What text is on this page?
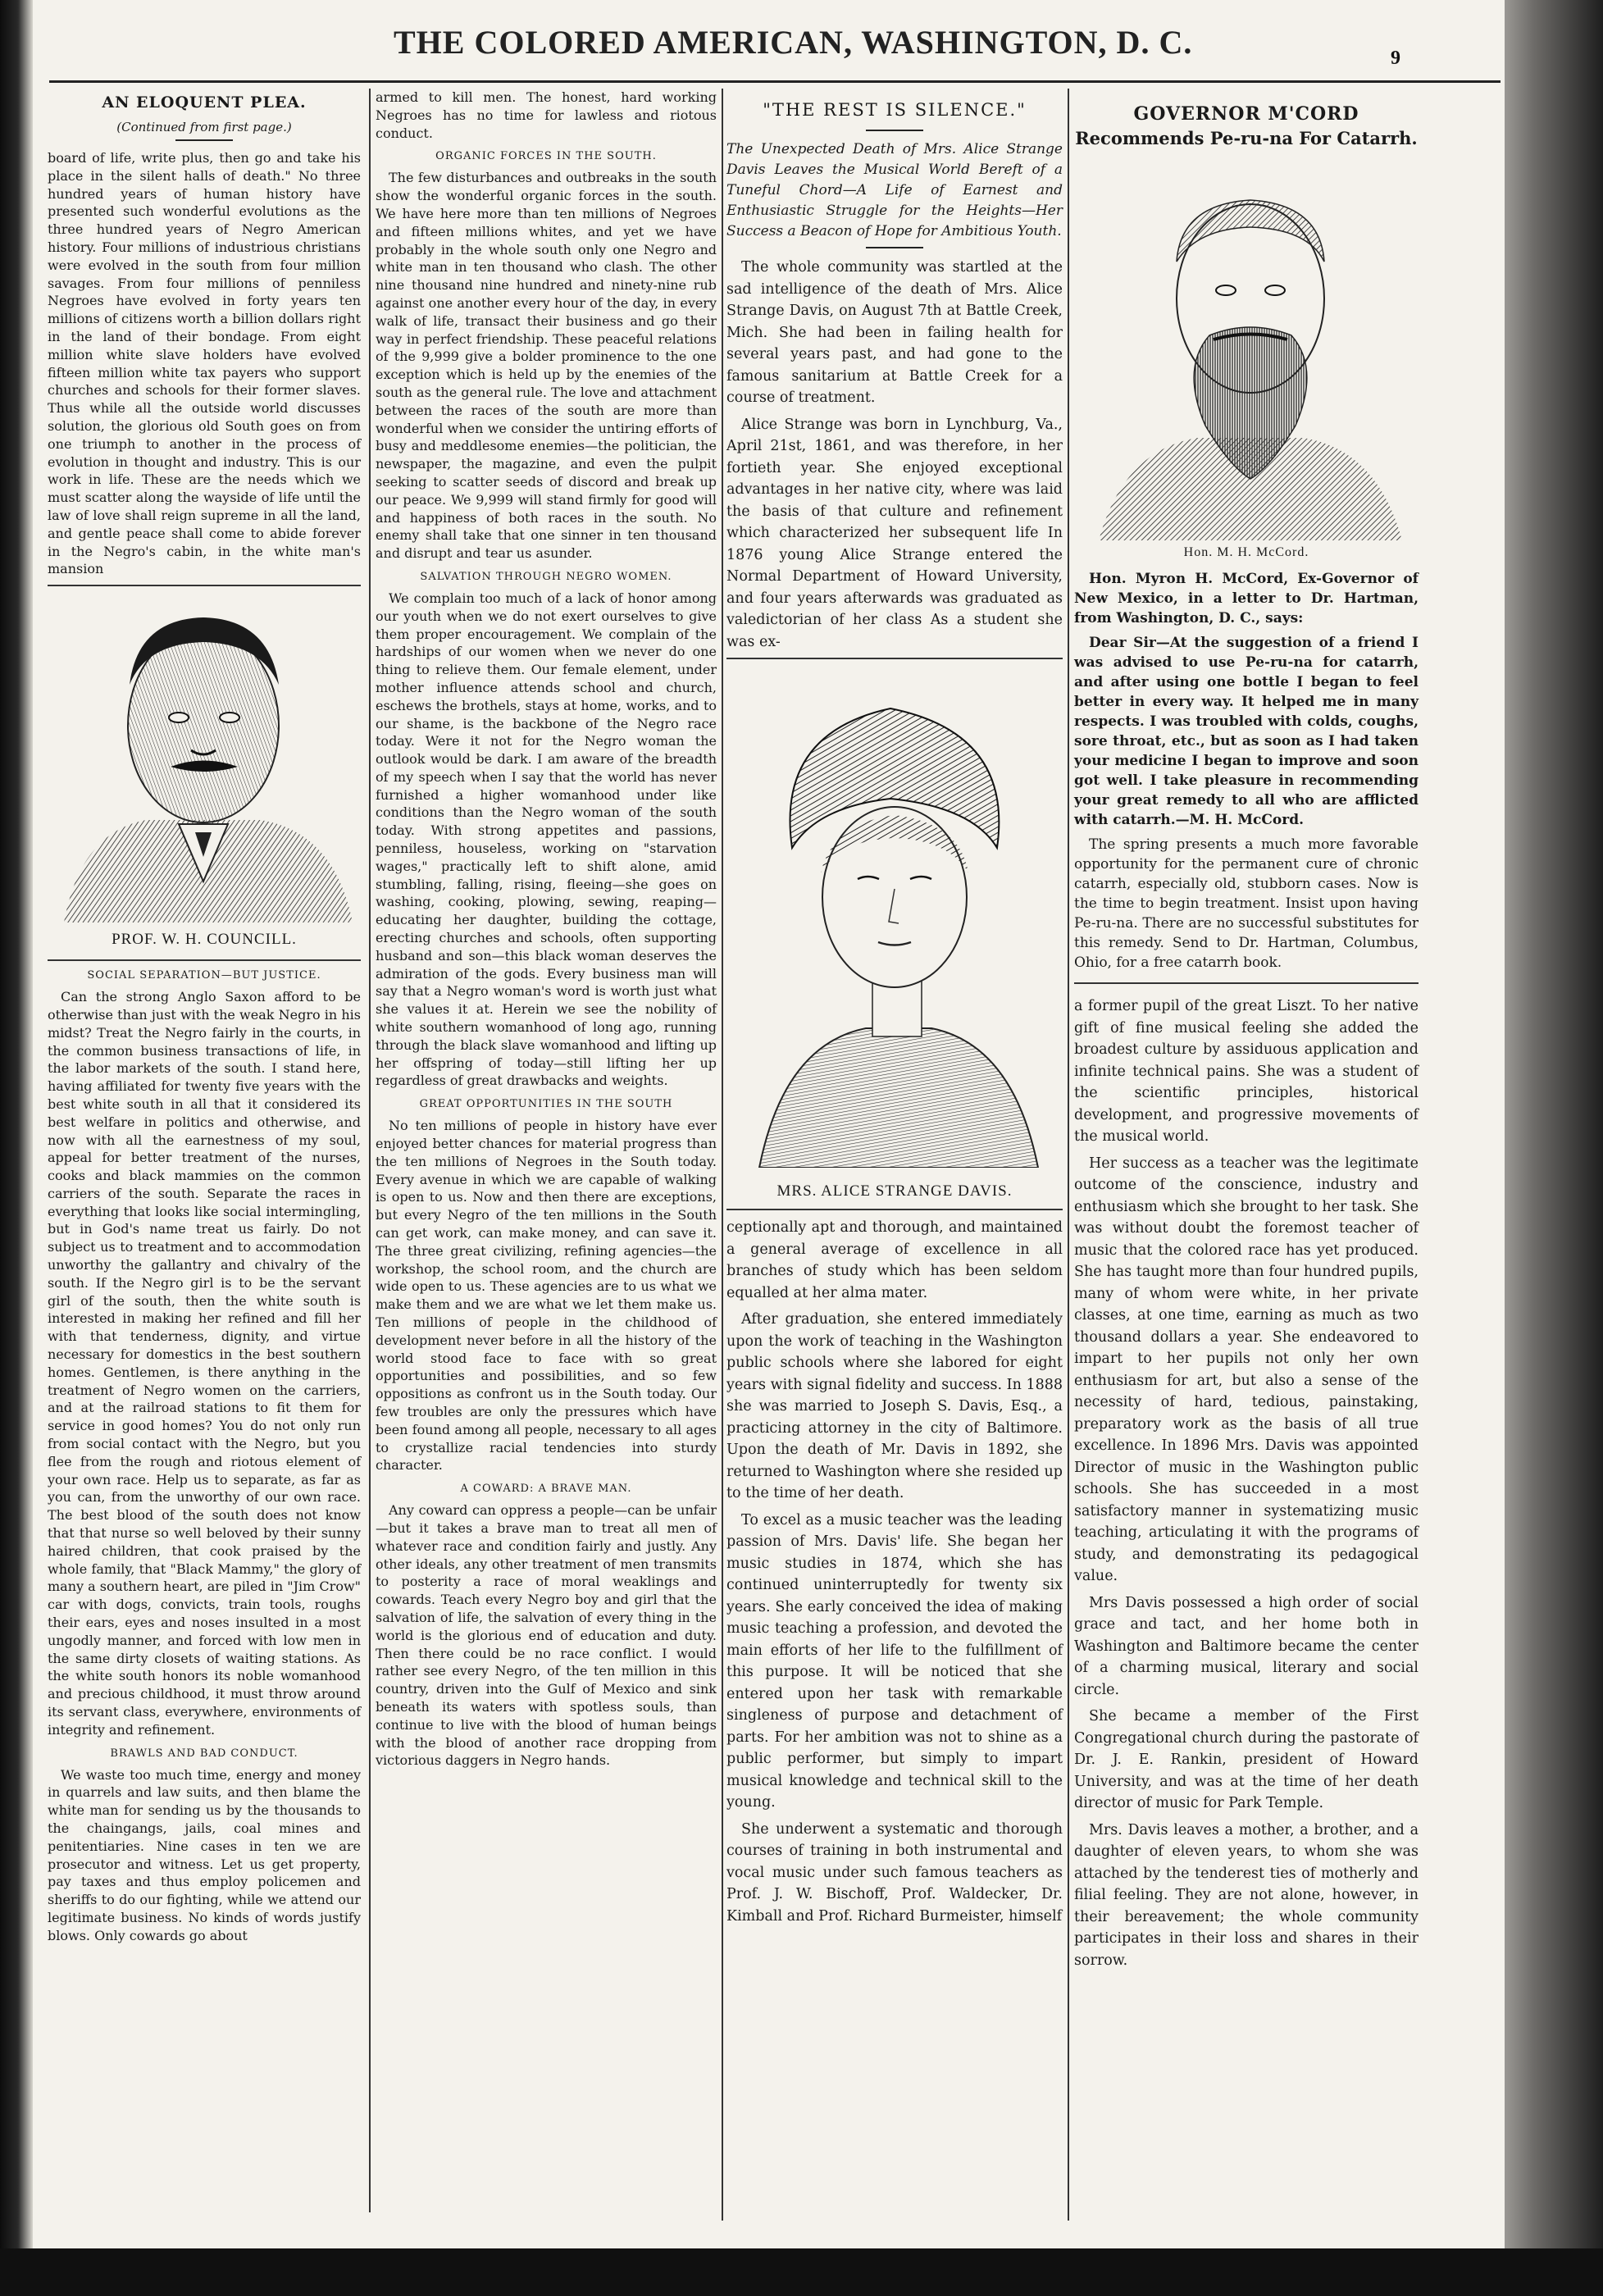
THE COLORED AMERICAN, WASHINGTON, D. C.	9
AN ELOQUENT PLEA.
(Continued from first page.)

board of life, write plus, then go and take his place in the silent halls of death." No three hundred years of human history have presented such wonderful evolutions as the three hundred years of Negro American history. Four millions of industrious christians were evolved in the south from four million savages. From four millions of penniless Negroes have evolved in forty years ten millions of citizens worth a billion dollars right in the land of their bondage. From eight million white slave holders have evolved fifteen million white tax payers who support churches and schools for their former slaves. Thus while all the outside world discusses solution, the glorious old South goes on from one triumph to another in the process of evolution in thought and industry. This is our work in life. These are the needs which we must scatter along the wayside of life until the law of love shall reign supreme in all the land, and gentle peace shall come to abide forever in the Negro's cabin, in the white man's mansion

PROF. W. H. COUNCILL.
SOCIAL SEPARATION—BUT JUSTICE.

Can the strong Anglo Saxon afford to be otherwise than just with the weak Negro in his midst? Treat the Negro fairly in the courts, in the common business transactions of life, in the labor markets of the south. I stand here, having affiliated for twenty five years with the best white south in all that it considered its best welfare in politics and otherwise, and now with all the earnestness of my soul, appeal for better treatment of the nurses, cooks and black mammies on the common carriers of the south. Separate the races in everything that looks like social intermingling, but in God's name treat us fairly. Do not subject us to treatment and to accommodation unworthy the gallantry and chivalry of the south. If the Negro girl is to be the servant girl of the south, then the white south is interested in making her refined and fill her with that tenderness, dignity, and virtue necessary for domestics in the best southern homes. Gentlemen, is there anything in the treatment of Negro women on the carriers, and at the railroad stations to fit them for service in good homes? You do not only run from social contact with the Negro, but you flee from the rough and riotous element of your own race. Help us to separate, as far as you can, from the unworthy of our own race. The best blood of the south does not know that that nurse so well beloved by their sunny haired children, that cook praised by the whole family, that "Black Mammy," the glory of many a southern heart, are piled in "Jim Crow" car with dogs, convicts, train tools, roughs their ears, eyes and noses insulted in a most ungodly manner, and forced with low men in the same dirty closets of waiting stations. As the white south honors its noble womanhood and precious childhood, it must throw around its servant class, everywhere, environments of integrity and refinement.

BRAWLS AND BAD CONDUCT.

We waste too much time, energy and money in quarrels and law suits, and then blame the white man for sending us by the thousands to the chaingangs, jails, coal mines and penitentiaries. Nine cases in ten we are prosecutor and witness. Let us get property, pay taxes and thus employ policemen and sheriffs to do our fighting, while we attend our legitimate business. No kinds of words justify blows. Only cowards go about

armed to kill men. The honest, hard working Negroes has no time for lawless and riotous conduct.

ORGANIC FORCES IN THE SOUTH.

The few disturbances and outbreaks in the south show the wonderful organic forces in the south. We have here more than ten millions of Negroes and fifteen millions whites, and yet we have probably in the whole south only one Negro and white man in ten thousand who clash. The other nine thousand nine hundred and ninety-nine rub against one another every hour of the day, in every walk of life, transact their business and go their way in perfect friendship. These peaceful relations of the 9,999 give a bolder prominence to the one exception which is held up by the enemies of the south as the general rule. The love and attachment between the races of the south are more than wonderful when we consider the untiring efforts of busy and meddlesome enemies—the politician, the newspaper, the magazine, and even the pulpit seeking to scatter seeds of discord and break up our peace. We 9,999 will stand firmly for good will and happiness of both races in the south. No enemy shall take that one sinner in ten thousand and disrupt and tear us asunder.

SALVATION THROUGH NEGRO WOMEN.

We complain too much of a lack of honor among our youth when we do not exert ourselves to give them proper encouragement. We complain of the hardships of our women when we never do one thing to relieve them. Our female element, under mother influence attends school and church, eschews the brothels, stays at home, works, and to our shame, is the backbone of the Negro race today. Were it not for the Negro woman the outlook would be dark. I am aware of the breadth of my speech when I say that the world has never furnished a higher womanhood under like conditions than the Negro woman of the south today. With strong appetites and passions, penniless, houseless, working on "starvation wages," practically left to shift alone, amid stumbling, falling, rising, fleeing—she goes on washing, cooking, plowing, sewing, reaping—educating her daughter, building the cottage, erecting churches and schools, often supporting husband and son—this black woman deserves the admiration of the gods. Every business man will say that a Negro woman's word is worth just what she values it at. Herein we see the nobility of white southern womanhood of long ago, running through the black slave womanhood and lifting up her offspring of today—still lifting her up regardless of great drawbacks and weights.

GREAT OPPORTUNITIES IN THE SOUTH

No ten millions of people in history have ever enjoyed better chances for material progress than the ten millions of Negroes in the South today. Every avenue in which we are capable of walking is open to us. Now and then there are exceptions, but every Negro of the ten millions in the South can get work, can make money, and can save it. The three great civilizing, refining agencies—the workshop, the school room, and the church are wide open to us. These agencies are to us what we make them and we are what we let them make us. Ten millions of people in the childhood of development never before in all the history of the world stood face to face with so great opportunities and possibilities, and so few oppositions as confront us in the South today. Our few troubles are only the pressures which have been found among all people, necessary to all ages to crystallize racial tendencies into sturdy character.

A COWARD: A BRAVE MAN.

Any coward can oppress a people—can be unfair—but it takes a brave man to treat all men of whatever race and condition fairly and justly. Any other ideals, any other treatment of men transmits to posterity a race of moral weaklings and cowards. Teach every Negro boy and girl that the salvation of life, the salvation of every thing in the world is the glorious end of education and duty. Then there could be no race conflict. I would rather see every Negro, of the ten million in this country, driven into the Gulf of Mexico and sink beneath its waters with spotless souls, than continue to live with the blood of human beings with the blood of another race dropping from victorious daggers in Negro hands.

"THE REST IS SILENCE."
The Unexpected Death of Mrs. Alice Strange Davis Leaves the Musical World Bereft of a Tuneful Chord—A Life of Earnest and Enthusiastic Struggle for the Heights—Her Success a Beacon of Hope for Ambitious Youth.

The whole community was startled at the sad intelligence of the death of Mrs. Alice Strange Davis, on August 7th at Battle Creek, Mich. She had been in failing health for several years past, and had gone to the famous sanitarium at Battle Creek for a course of treatment.

Alice Strange was born in Lynchburg, Va., April 21st, 1861, and was therefore, in her fortieth year. She enjoyed exceptional advantages in her native city, where was laid the basis of that culture and refinement which characterized her subsequent life In 1876 young Alice Strange entered the Normal Department of Howard University, and four years afterwards was graduated as valedictorian of her class As a student she was ex-

MRS. ALICE STRANGE DAVIS.

ceptionally apt and thorough, and maintained a general average of excellence in all branches of study which has been seldom equalled at her alma mater.

After graduation, she entered immediately upon the work of teaching in the Washington public schools where she labored for eight years with signal fidelity and success. In 1888 she was married to Joseph S. Davis, Esq., a practicing attorney in the city of Baltimore. Upon the death of Mr. Davis in 1892, she returned to Washington where she resided up to the time of her death.

To excel as a music teacher was the leading passion of Mrs. Davis' life. She began her music studies in 1874, which she has continued uninterruptedly for twenty six years. She early conceived the idea of making music teaching a profession, and devoted the main efforts of her life to the fulfillment of this purpose. It will be noticed that she entered upon her task with remarkable singleness of purpose and detachment of parts. For her ambition was not to shine as a public performer, but simply to impart musical knowledge and technical skill to the young.

She underwent a systematic and thorough courses of training in both instrumental and vocal music under such famous teachers as Prof. J. W. Bischoff, Prof. Waldecker, Dr. Kimball and Prof. Richard Burmeister, himself

GOVERNOR M'CORD
Recommends Pe-ru-na For Catarrh.
Hon. M. H. McCord.

Hon. Myron H. McCord, Ex-Governor of New Mexico, in a letter to Dr. Hartman, from Washington, D. C., says:

Dear Sir—At the suggestion of a friend I was advised to use Pe-ru-na for catarrh, and after using one bottle I began to feel better in every way. It helped me in many respects. I was troubled with colds, coughs, sore throat, etc., but as soon as I had taken your medicine I began to improve and soon got well. I take pleasure in recommending your great remedy to all who are afflicted with catarrh.—M. H. McCord.

The spring presents a much more favorable opportunity for the permanent cure of chronic catarrh, especially old, stubborn cases. Now is the time to begin treatment. Insist upon having Pe-ru-na. There are no successful substitutes for this remedy. Send to Dr. Hartman, Columbus, Ohio, for a free catarrh book.

a former pupil of the great Liszt. To her native gift of fine musical feeling she added the broadest culture by assiduous application and infinite technical pains. She was a student of the scientific principles, historical development, and progressive movements of the musical world.

Her success as a teacher was the legitimate outcome of the conscience, industry and enthusiasm which she brought to her task. She was without doubt the foremost teacher of music that the colored race has yet produced. She has taught more than four hundred pupils, many of whom were white, in her private classes, at one time, earning as much as two thousand dollars a year. She endeavored to impart to her pupils not only her own enthusiasm for art, but also a sense of the necessity of hard, tedious, painstaking, preparatory work as the basis of all true excellence. In 1896 Mrs. Davis was appointed Director of music in the Washington public schools. She has succeeded in a most satisfactory manner in systematizing music teaching, articulating it with the programs of study, and demonstrating its pedagogical value.

Mrs Davis possessed a high order of social grace and tact, and her home both in Washington and Baltimore became the center of a charming musical, literary and social circle.

She became a member of the First Congregational church during the pastorate of Dr. J. E. Rankin, president of Howard University, and was at the time of her death director of music for Park Temple.

Mrs. Davis leaves a mother, a brother, and a daughter of eleven years, to whom she was attached by the tenderest ties of motherly and filial feeling. They are not alone, however, in their bereavement; the whole community participates in their loss and shares in their sorrow.
